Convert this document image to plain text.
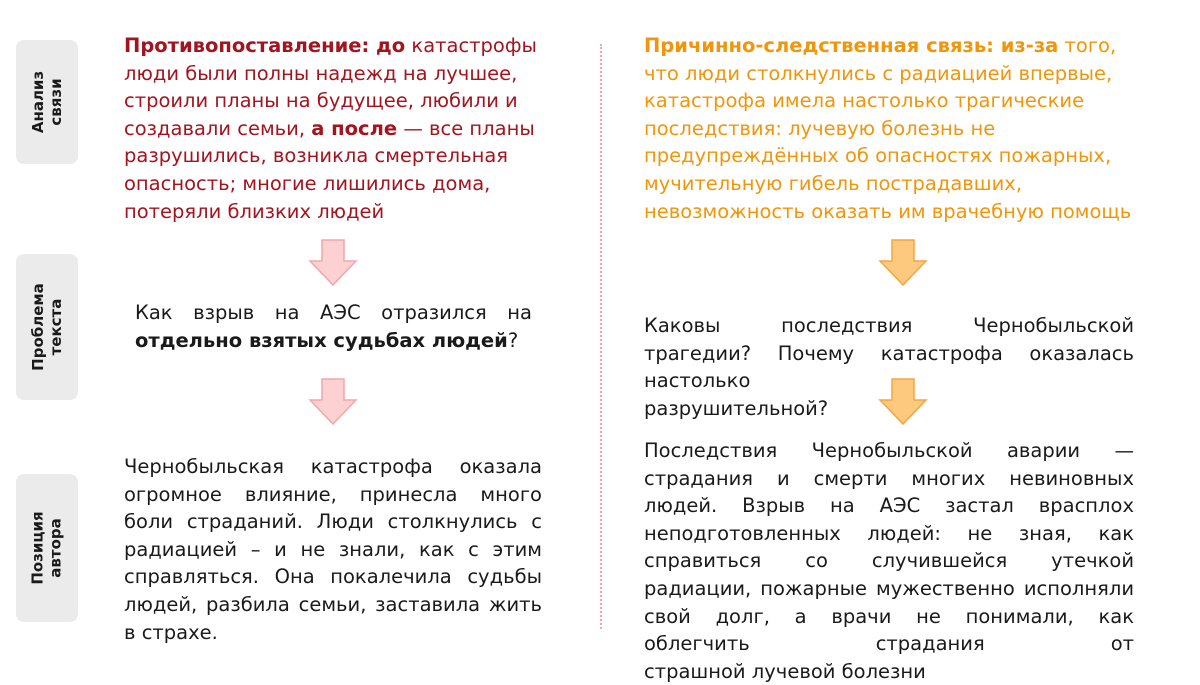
Анализ
связи
Проблема
текста
Позиция
автора

Противопоставление: до катастрофы люди были полны надежд на лучшее, строили планы на будущее, любили и создавали семьи, а после — все планы разрушились, возникла смертельная опасность; многие лишились дома, потеряли близких людей

Как взрыв на АЭС отразился на
отдельно взятых судьбах людей?

Чернобыльская катастрофа оказала огромное влияние, принесла много боли страданий. Люди столкнулись с радиацией – и не знали, как с этим справляться. Она покалечила судьбы людей, разбила семьи, заставила жить
в страхе.

Причинно-следственная связь: из-за того, что люди столкнулись с радиацией впервые, катастрофа имела настолько трагические последствия: лучевую болезнь не предупреждённых об опасностях пожарных, мучительную гибель пострадавших, невозможность оказать им врачебную помощь

Каковы последствия Чернобыльской трагедии? Почему катастрофа оказалась настолько
разрушительной?

Последствия Чернобыльской аварии — страдания и смерти многих невиновных людей. Взрыв на АЭС застал врасплох неподготовленных людей: не зная, как справиться со случившейся утечкой радиации, пожарные мужественно исполняли свой долг, а врачи не понимали, как облегчить страдания от
страшной лучевой болезни
